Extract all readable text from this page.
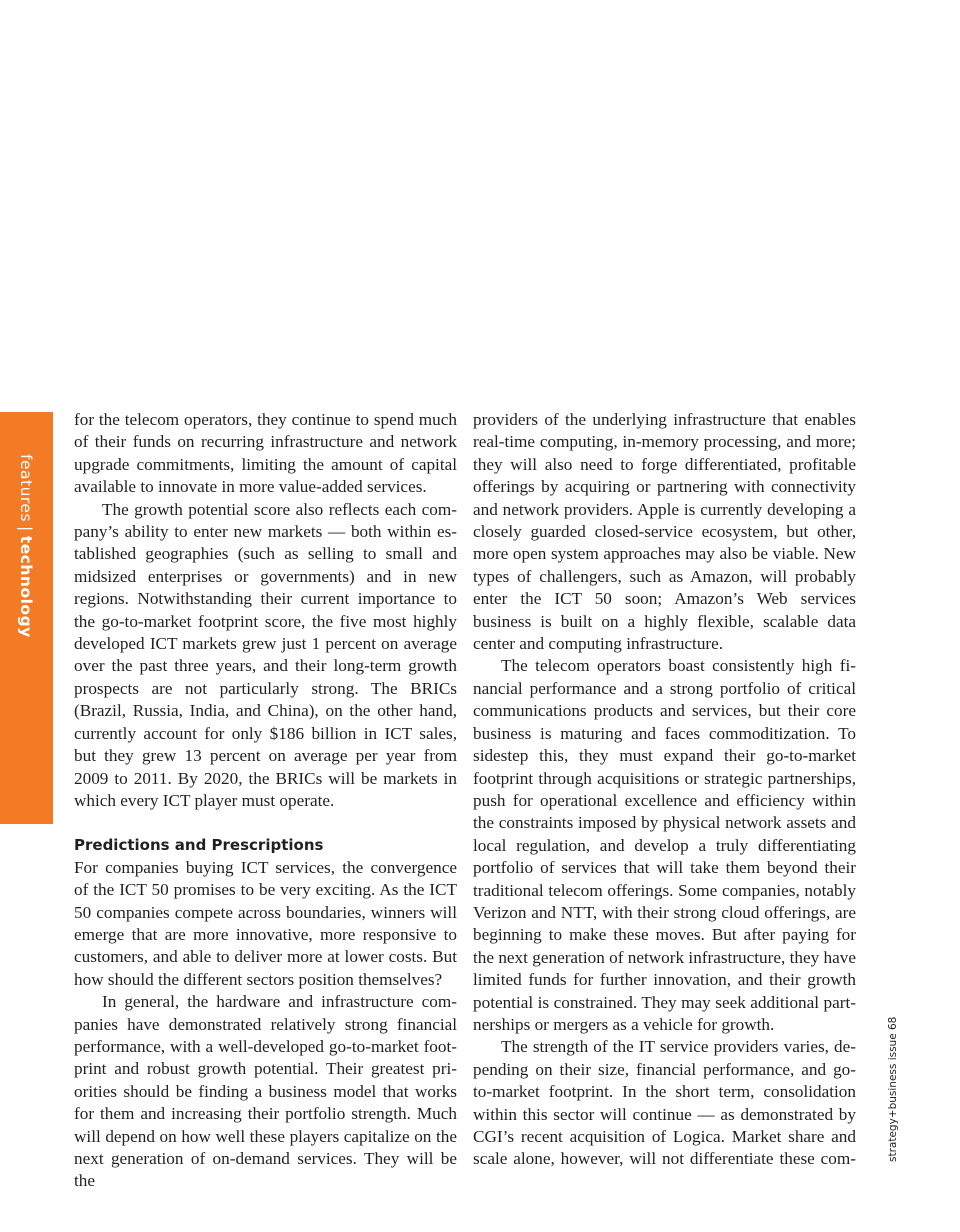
features
|
technology
62

for the telecom operators, they continue to spend much of their funds on recurring infrastructure and network upgrade commitments, limiting the amount of capital available to innovate in more value-added services.

The growth potential score also reflects each company’s ability to enter new markets — both within established geographies (such as selling to small and midsized enterprises or governments) and in new regions. Notwithstanding their current importance to the go-to-market footprint score, the five most highly developed ICT markets grew just 1 percent on average over the past three years, and their long-term growth prospects are not particularly strong. The BRICs (Brazil, Russia, India, and China), on the other hand, currently account for only $186 billion in ICT sales, but they grew 13 percent on average per year from 2009 to 2011. By 2020, the BRICs will be markets in which every ICT player must operate.

Predictions and Prescriptions

For companies buying ICT services, the convergence of the ICT 50 promises to be very exciting. As the ICT 50 companies compete across boundaries, winners will emerge that are more innovative, more responsive to customers, and able to deliver more at lower costs. But how should the different sectors position themselves?

In general, the hardware and infrastructure companies have demonstrated relatively strong financial performance, with a well-developed go-to-market footprint and robust growth potential. Their greatest priorities should be finding a business model that works for them and increasing their portfolio strength. Much will depend on how well these players capitalize on the next generation of on-demand services. They will be the

providers of the underlying infrastructure that enables real-time computing, in-memory processing, and more; they will also need to forge differentiated, profitable offerings by acquiring or partnering with connectivity and network providers. Apple is currently developing a closely guarded closed-service ecosystem, but other, more open system approaches may also be viable. New types of challengers, such as Amazon, will probably enter the ICT 50 soon; Amazon’s Web services business is built on a highly flexible, scalable data center and computing infrastructure.

The telecom operators boast consistently high financial performance and a strong portfolio of critical communications products and services, but their core business is maturing and faces commoditization. To sidestep this, they must expand their go-to-market footprint through acquisitions or strategic partnerships, push for operational excellence and efficiency within the constraints imposed by physical network assets and local regulation, and develop a truly differentiating portfolio of services that will take them beyond their traditional telecom offerings. Some companies, notably Verizon and NTT, with their strong cloud offerings, are beginning to make these moves. But after paying for the next generation of network infrastructure, they have limited funds for further innovation, and their growth potential is constrained. They may seek additional partnerships or mergers as a vehicle for growth.

The strength of the IT service providers varies, depending on their size, financial performance, and go-to-market footprint. In the short term, consolidation within this sector will continue — as demonstrated by CGI’s recent acquisition of Logica. Market share and scale alone, however, will not differentiate these com-	strategy+business issue 68
